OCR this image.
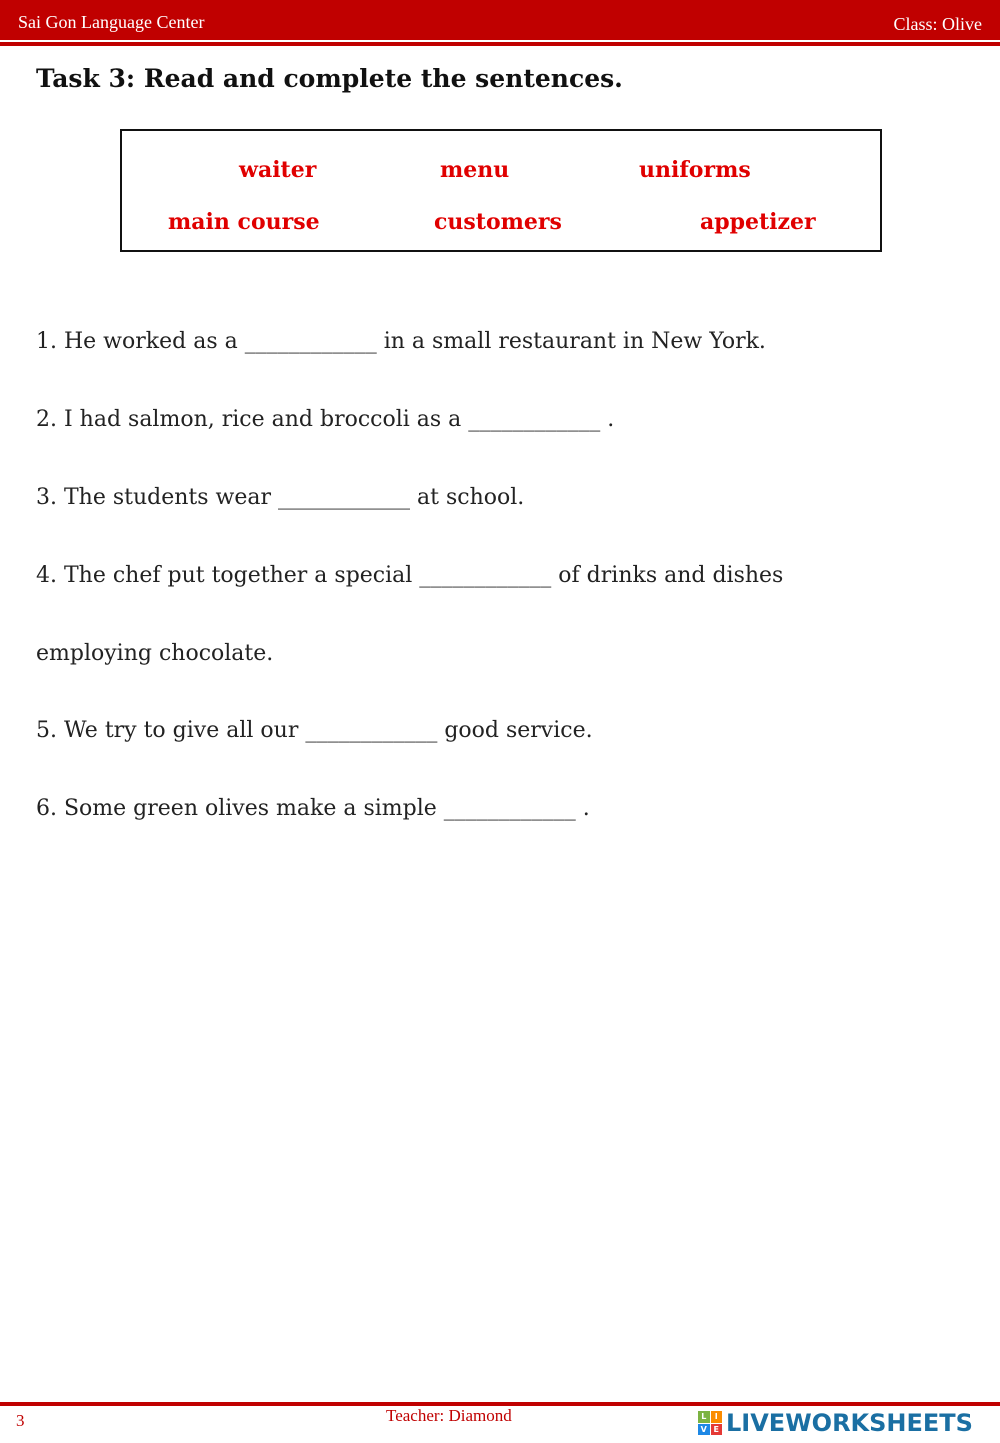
Sai Gon Language Center	Class: Olive
Task 3: Read and complete the sentences.
waiter	menu	uniforms
main course	customers	appetizer
1. He worked as a ____________ in a small restaurant in New York.
2. I had salmon, rice and broccoli as a ____________ .
3. The students wear ____________ at school.
4. The chef put together a special ____________ of drinks and dishes
employing chocolate.
5. We try to give all our ____________ good service.
6. Some green olives make a simple ____________ .
3	Teacher: Diamond	L	I
V E LIVEWORKSHEETS
